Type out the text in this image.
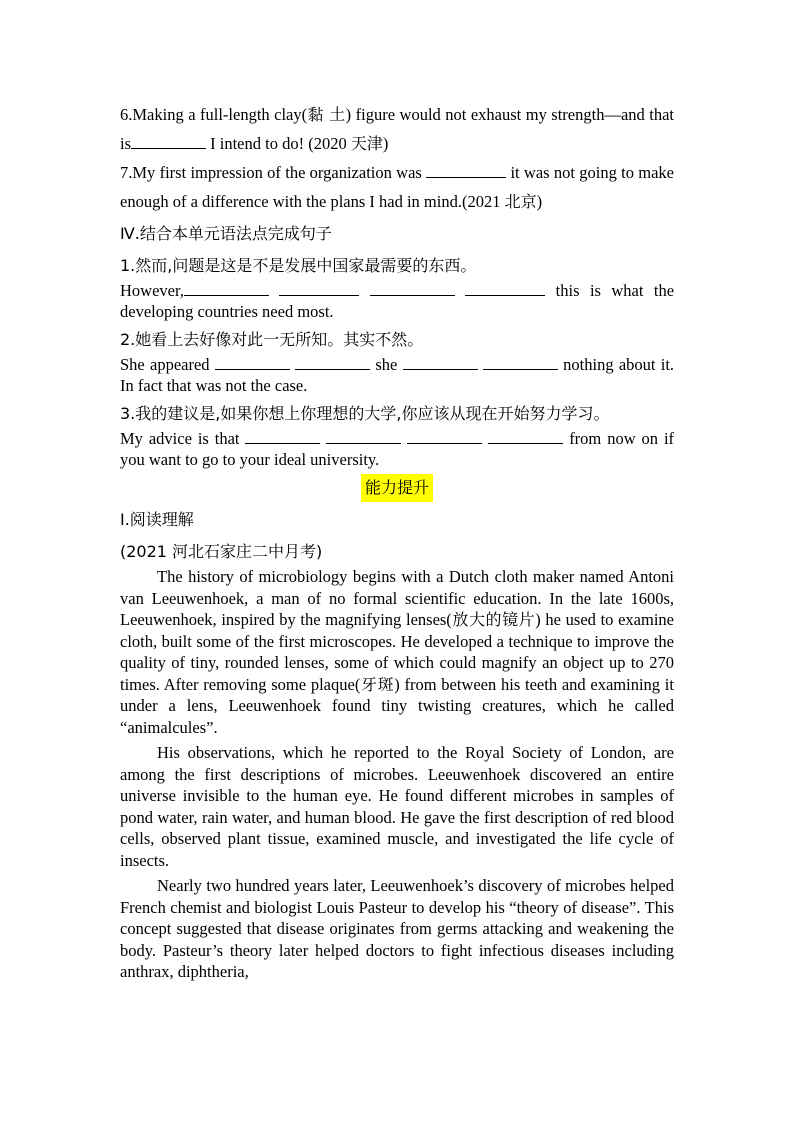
6.Making a full-length clay(黏 土) figure would not exhaust my strength—and that is	I intend to do! (2020 天津)
7.My first impression of the organization was	it was not going to make enough of a difference with the plans I had in mind.(2021 北京)
Ⅳ.结合本单元语法点完成句子
1.然而,问题是这是不是发展中国家最需要的东西。
However,	this is what the developing countries need most.
2.她看上去好像对此一无所知。其实不然。
She appeared	she	nothing about it. In fact that was not the case.
3.我的建议是,如果你想上你理想的大学,你应该从现在开始努力学习。
My advice is that	from now on if you want to go to your ideal university.
能力提升
Ⅰ.阅读理解
(2021 河北石家庄二中月考)
The history of microbiology begins with a Dutch cloth maker named Antoni van Leeuwenhoek, a man of no formal scientific education. In the late 1600s, Leeuwenhoek, inspired by the magnifying lenses(放大的镜片) he used to examine cloth, built some of the first microscopes. He developed a technique to improve the quality of tiny, rounded lenses, some of which could magnify an object up to 270 times. After removing some plaque(牙斑) from between his teeth and examining it under a lens, Leeuwenhoek found tiny twisting creatures, which he called “animalcules”.
His observations, which he reported to the Royal Society of London, are among the first descriptions of microbes. Leeuwenhoek discovered an entire universe invisible to the human eye. He found different microbes in samples of pond water, rain water, and human blood. He gave the first description of red blood cells, observed plant tissue, examined muscle, and investigated the life cycle of insects.
Nearly two hundred years later, Leeuwenhoek’s discovery of microbes helped French chemist and biologist Louis Pasteur to develop his “theory of disease”. This concept suggested that disease originates from germs attacking and weakening the body. Pasteur’s theory later helped doctors to fight infectious diseases including anthrax, diphtheria,
